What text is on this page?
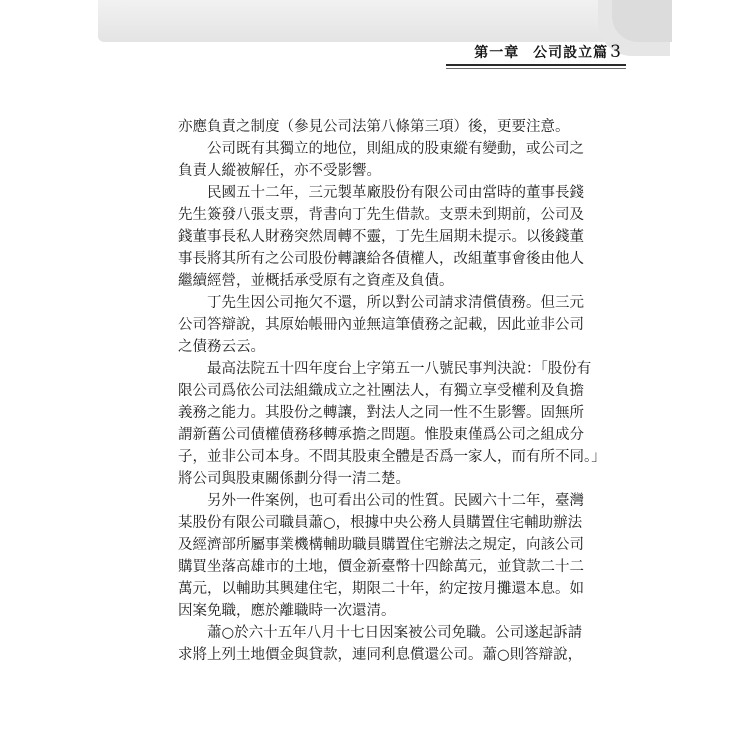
第一章 公司設立篇 3
亦應負責之制度（參見公司法第八條第三項）後，更要注意。
　　公司既有其獨立的地位，則組成的股東縱有變動，或公司之
負責人縱被解任，亦不受影響。
　　民國五十二年，三元製革廠股份有限公司由當時的董事長錢
先生簽發八張支票，背書向丁先生借款。支票未到期前，公司及
錢董事長私人財務突然周轉不靈，丁先生屆期未提示。以後錢董
事長將其所有之公司股份轉讓給各債權人，改組董事會後由他人
繼續經營，並概括承受原有之資產及負債。
　　丁先生因公司拖欠不還，所以對公司請求清償債務。但三元
公司答辯說，其原始帳冊內並無這筆債務之記載，因此並非公司
之債務云云。
　　最高法院五十四年度台上字第五一八號民事判決說：「股份有
限公司爲依公司法組織成立之社團法人，有獨立享受權利及負擔
義務之能力。其股份之轉讓，對法人之同一性不生影響。固無所
謂新舊公司債權債務移轉承擔之問題。惟股東僅爲公司之組成分
子，並非公司本身。不問其股東全體是否爲一家人，而有所不同。」
將公司與股東關係劃分得一清二楚。
　　另外一件案例，也可看出公司的性質。民國六十二年，臺灣
某股份有限公司職員蕭○，根據中央公務人員購置住宅輔助辦法
及經濟部所屬事業機構輔助職員購置住宅辦法之規定，向該公司
購買坐落高雄市的土地，價金新臺幣十四餘萬元，並貸款二十二
萬元，以輔助其興建住宅，期限二十年，約定按月攤還本息。如
因案免職，應於離職時一次還清。
　　蕭○於六十五年八月十七日因案被公司免職。公司遂起訴請
求將上列土地價金與貸款，連同利息償還公司。蕭○則答辯說，
